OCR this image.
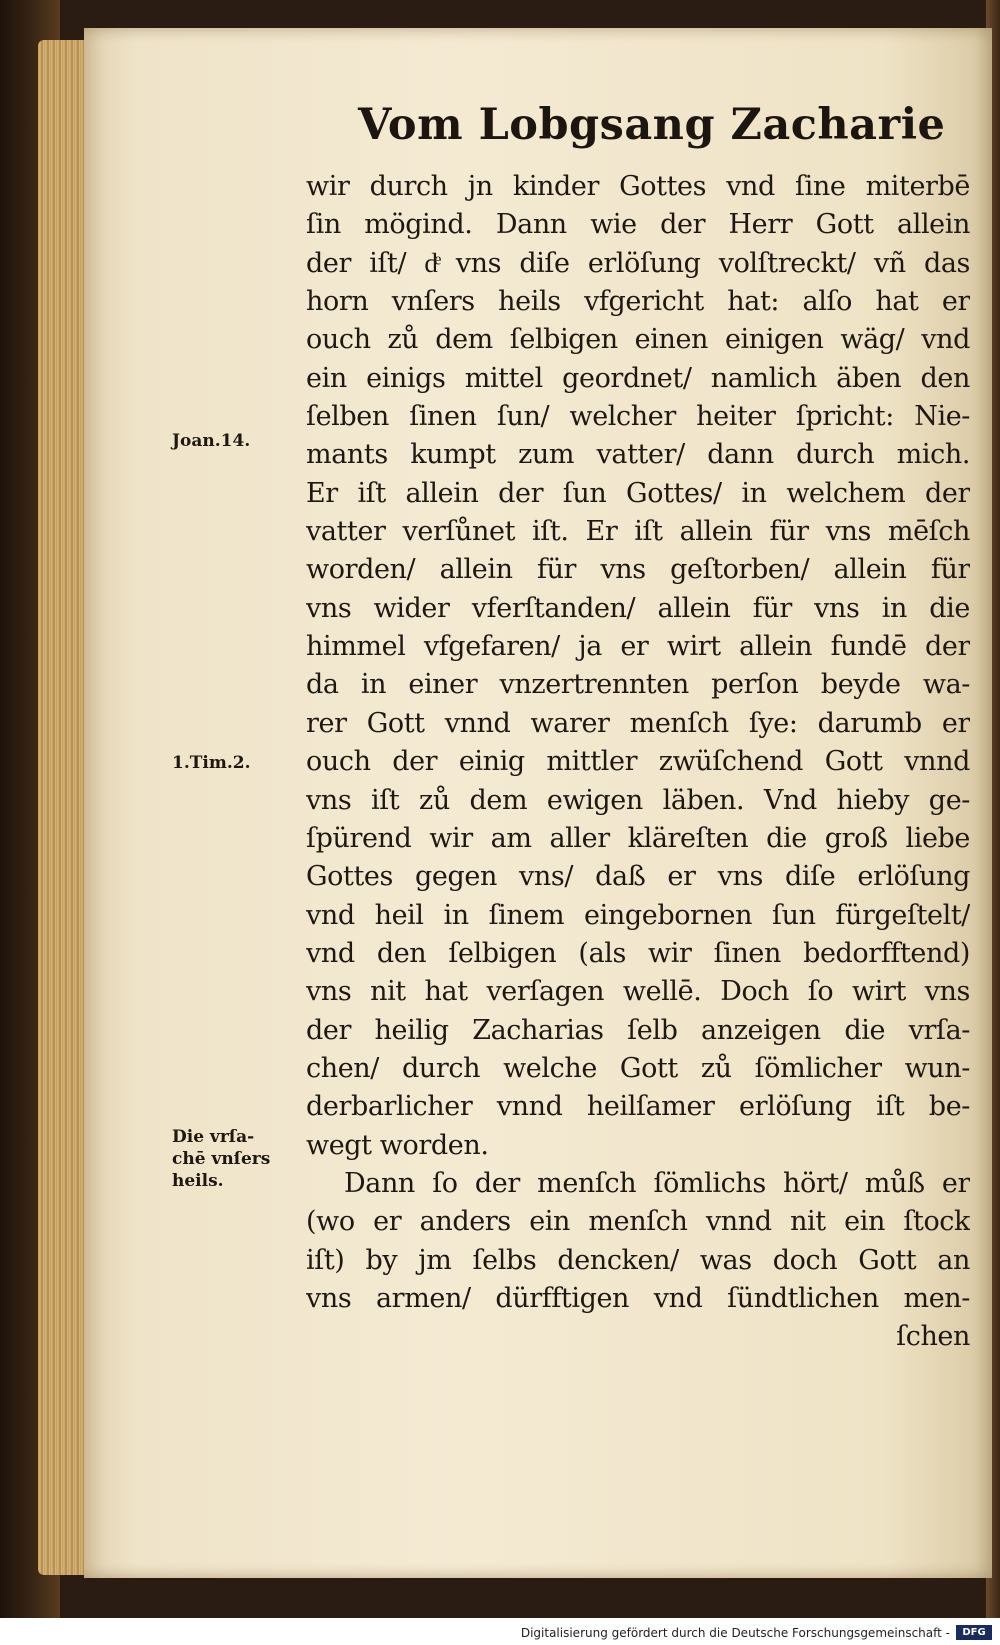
Vom Lobgsang Zacharie
Joan.14.
1.Tim.2.
Die vrſa-
chē vnſers
heils.
wir durch jn kinder Gottes vnd ſine miterbē
ſin mögind. Dann wie der Herr Gott allein
der iſt/ dͤ vns diſe erlöſung volſtreckt/ vñ das
horn vnſers heils vfgericht hat: alſo hat er
ouch zů dem ſelbigen einen einigen wäg/ vnd
ein einigs mittel geordnet/ namlich äben den
ſelben ſinen ſun/ welcher heiter ſpricht: Nie-
mants kumpt zum vatter/ dann durch mich.
Er iſt allein der ſun Gottes/ in welchem der
vatter verſůnet iſt. Er iſt allein für vns mēſch
worden/ allein für vns geſtorben/ allein für
vns wider vferſtanden/ allein für vns in die
himmel vfgefaren/ ja er wirt allein fundē der
da in einer vnzertrennten perſon beyde wa-
rer Gott vnnd warer menſch ſye: darumb er
ouch der einig mittler zwüſchend Gott vnnd
vns iſt zů dem ewigen läben. Vnd hieby ge-
ſpürend wir am aller kläreſten die groß liebe
Gottes gegen vns/ daß er vns diſe erlöſung
vnd heil in ſinem eingebornen ſun fürgeſtelt/
vnd den ſelbigen (als wir ſinen bedorfftend)
vns nit hat verſagen wellē. Doch ſo wirt vns
der heilig Zacharias ſelb anzeigen die vrſa-
chen/ durch welche Gott zů ſömlicher wun-
derbarlicher vnnd heilſamer erlöſung iſt be-
wegt worden.
Dann ſo der menſch ſömlichs hört/ můß er
(wo er anders ein menſch vnnd nit ein ſtock
iſt) by jm ſelbs dencken/ was doch Gott an
vns armen/ dürfftigen vnd ſündtlichen men-
ſchen
Digitalisierung gefördert durch die Deutsche Forschungsgemeinschaft -	DFG
